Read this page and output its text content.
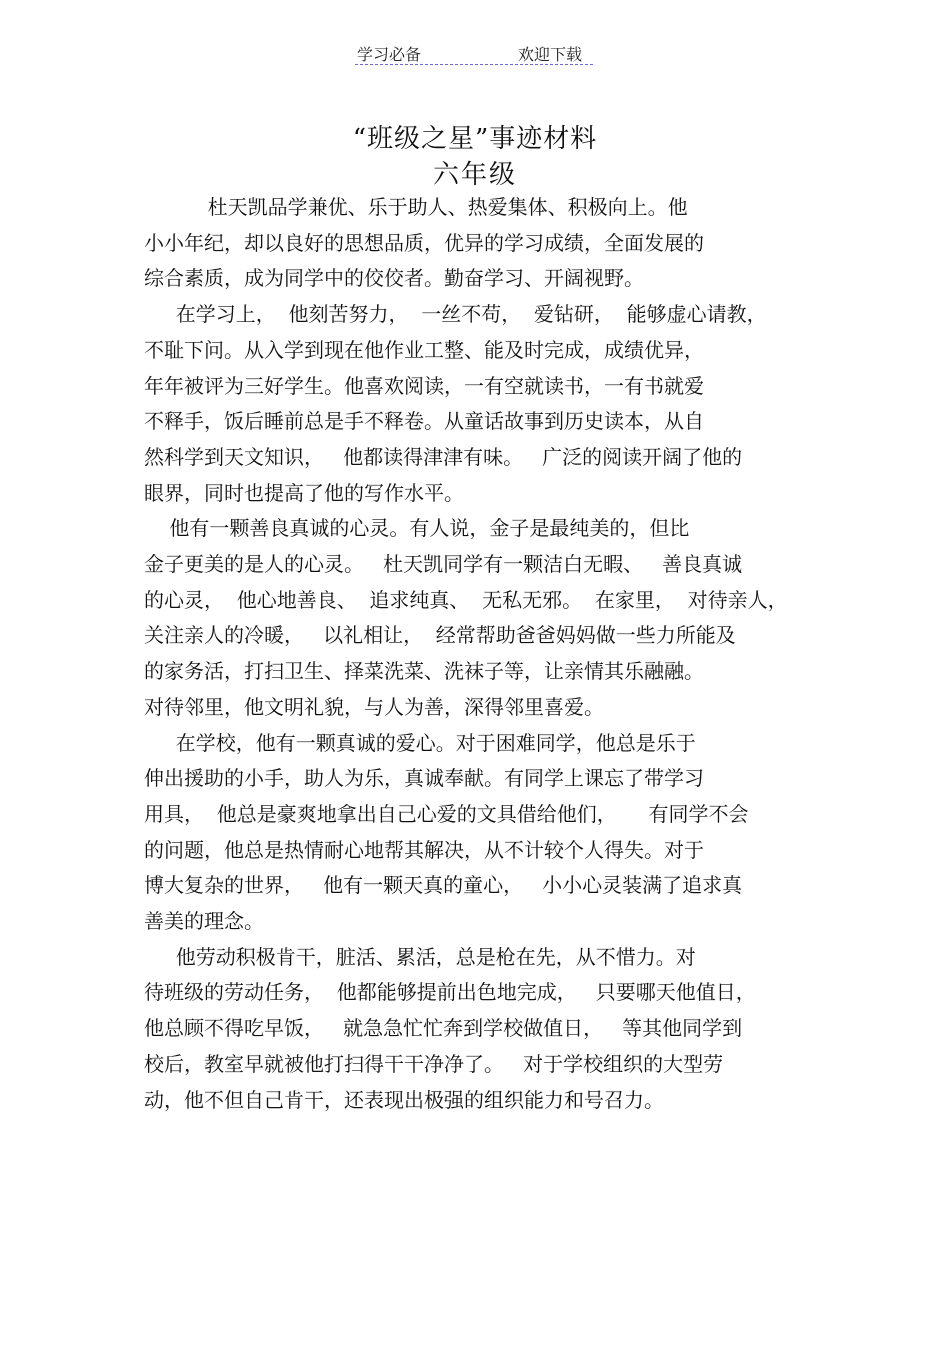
学习必备	欢迎下载
“班级之星”事迹材料
六年级
杜天凯品学兼优、乐于助人、热爱集体、积极向上。他
小小年纪，却以良好的思想品质，优异的学习成绩，全面发展的
综合素质，成为同学中的佼佼者。勤奋学习、开阔视野。
在学习上，  他刻苦努力，  一丝不苟，  爱钻研，  能够虚心请教，
不耻下问。从入学到现在他作业工整、能及时完成，成绩优异，
年年被评为三好学生。他喜欢阅读，一有空就读书，一有书就爱
不释手，饭后睡前总是手不释卷。从童话故事到历史读本，从自
然科学到天文知识，   他都读得津津有味。   广泛的阅读开阔了他的
眼界，同时也提高了他的写作水平。
他有一颗善良真诚的心灵。有人说，金子是最纯美的，但比
金子更美的是人的心灵。   杜天凯同学有一颗洁白无暇、   善良真诚
的心灵，  他心地善良、  追求纯真、  无私无邪。  在家里，  对待亲人，
关注亲人的冷暖，   以礼相让，  经常帮助爸爸妈妈做一些力所能及
的家务活，打扫卫生、择菜洗菜、洗袜子等，让亲情其乐融融。
对待邻里，他文明礼貌，与人为善，深得邻里喜爱。
在学校，他有一颗真诚的爱心。对于困难同学，他总是乐于
伸出援助的小手，助人为乐，真诚奉献。有同学上课忘了带学习
用具，  他总是豪爽地拿出自己心爱的文具借给他们，     有同学不会
的问题，他总是热情耐心地帮其解决，从不计较个人得失。对于
博大复杂的世界，   他有一颗天真的童心，   小小心灵装满了追求真
善美的理念。
他劳动积极肯干，脏活、累活，总是枪在先，从不惜力。对
待班级的劳动任务，  他都能够提前出色地完成，   只要哪天他值日，
他总顾不得吃早饭，   就急急忙忙奔到学校做值日，   等其他同学到
校后，教室早就被他打扫得干干净净了。   对于学校组织的大型劳
动，他不但自己肯干，还表现出极强的组织能力和号召力。
